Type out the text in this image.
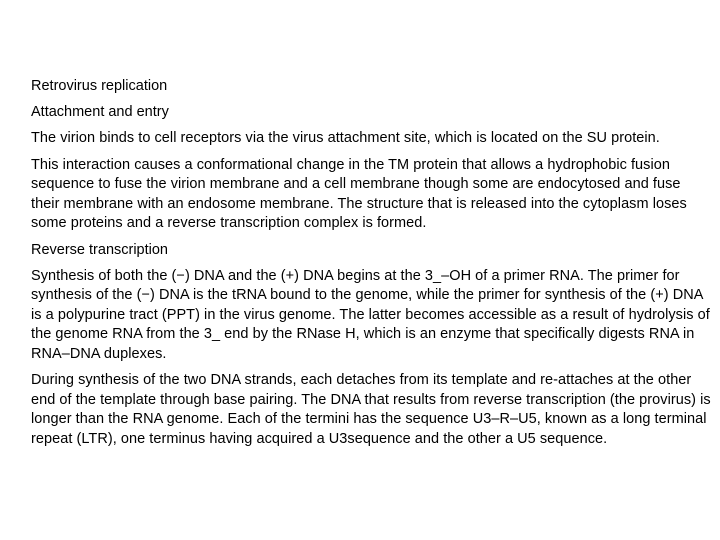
Retrovirus replication
Attachment and entry
The virion binds to cell receptors via the virus attachment site, which is located on the SU protein.
This interaction causes a conformational change in the TM protein that allows a hydrophobic fusion sequence to fuse the virion membrane and a cell membrane though some are endocytosed and fuse their membrane with an endosome membrane. The structure that is released into the cytoplasm loses some proteins and a reverse transcription complex is formed.
Reverse transcription
Synthesis of both the (−) DNA and the (+) DNA begins at the 3_–OH of a primer RNA. The primer for synthesis of the (−) DNA is the tRNA bound to the genome, while the primer for synthesis of the (+) DNA is a polypurine tract (PPT) in the virus genome. The latter becomes accessible as a result of hydrolysis of the genome RNA from the 3_ end by the RNase H, which is an enzyme that specifically digests RNA in RNA–DNA duplexes.
During synthesis of the two DNA strands, each detaches from its template and re-attaches at the other end of the template through base pairing. The DNA that results from reverse transcription (the provirus) is longer than the RNA genome. Each of the termini has the sequence U3–R–U5, known as a long terminal repeat (LTR), one terminus having acquired a U3sequence and the other a U5 sequence.
